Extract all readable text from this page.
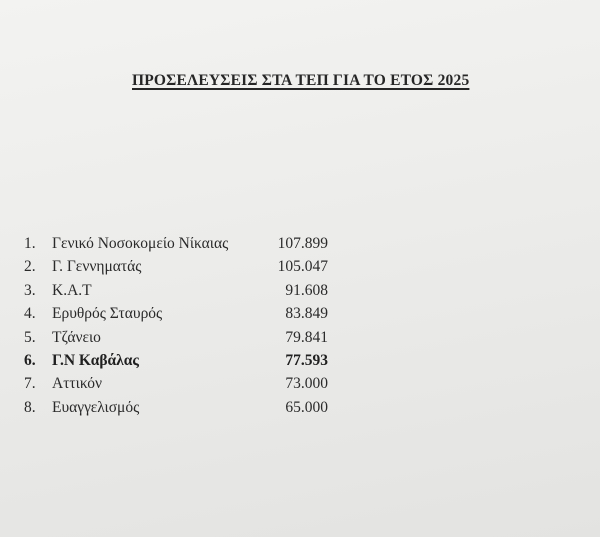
ΠΡΟΣΕΛΕΥΣΕΙΣ ΣΤΑ ΤΕΠ ΓΙΑ ΤΟ ΕΤΟΣ 2025
1.	Γενικό Νοσοκομείο Νίκαιας	107.899
2.	Γ. Γεννηματάς	105.047
3.	Κ.Α.Τ	91.608
4.	Ερυθρός Σταυρός	83.849
5.	Τζάνειο	79.841
6.	Γ.Ν Καβάλας	77.593
7.	Αττικόν	73.000
8.	Ευαγγελισμός	65.000
